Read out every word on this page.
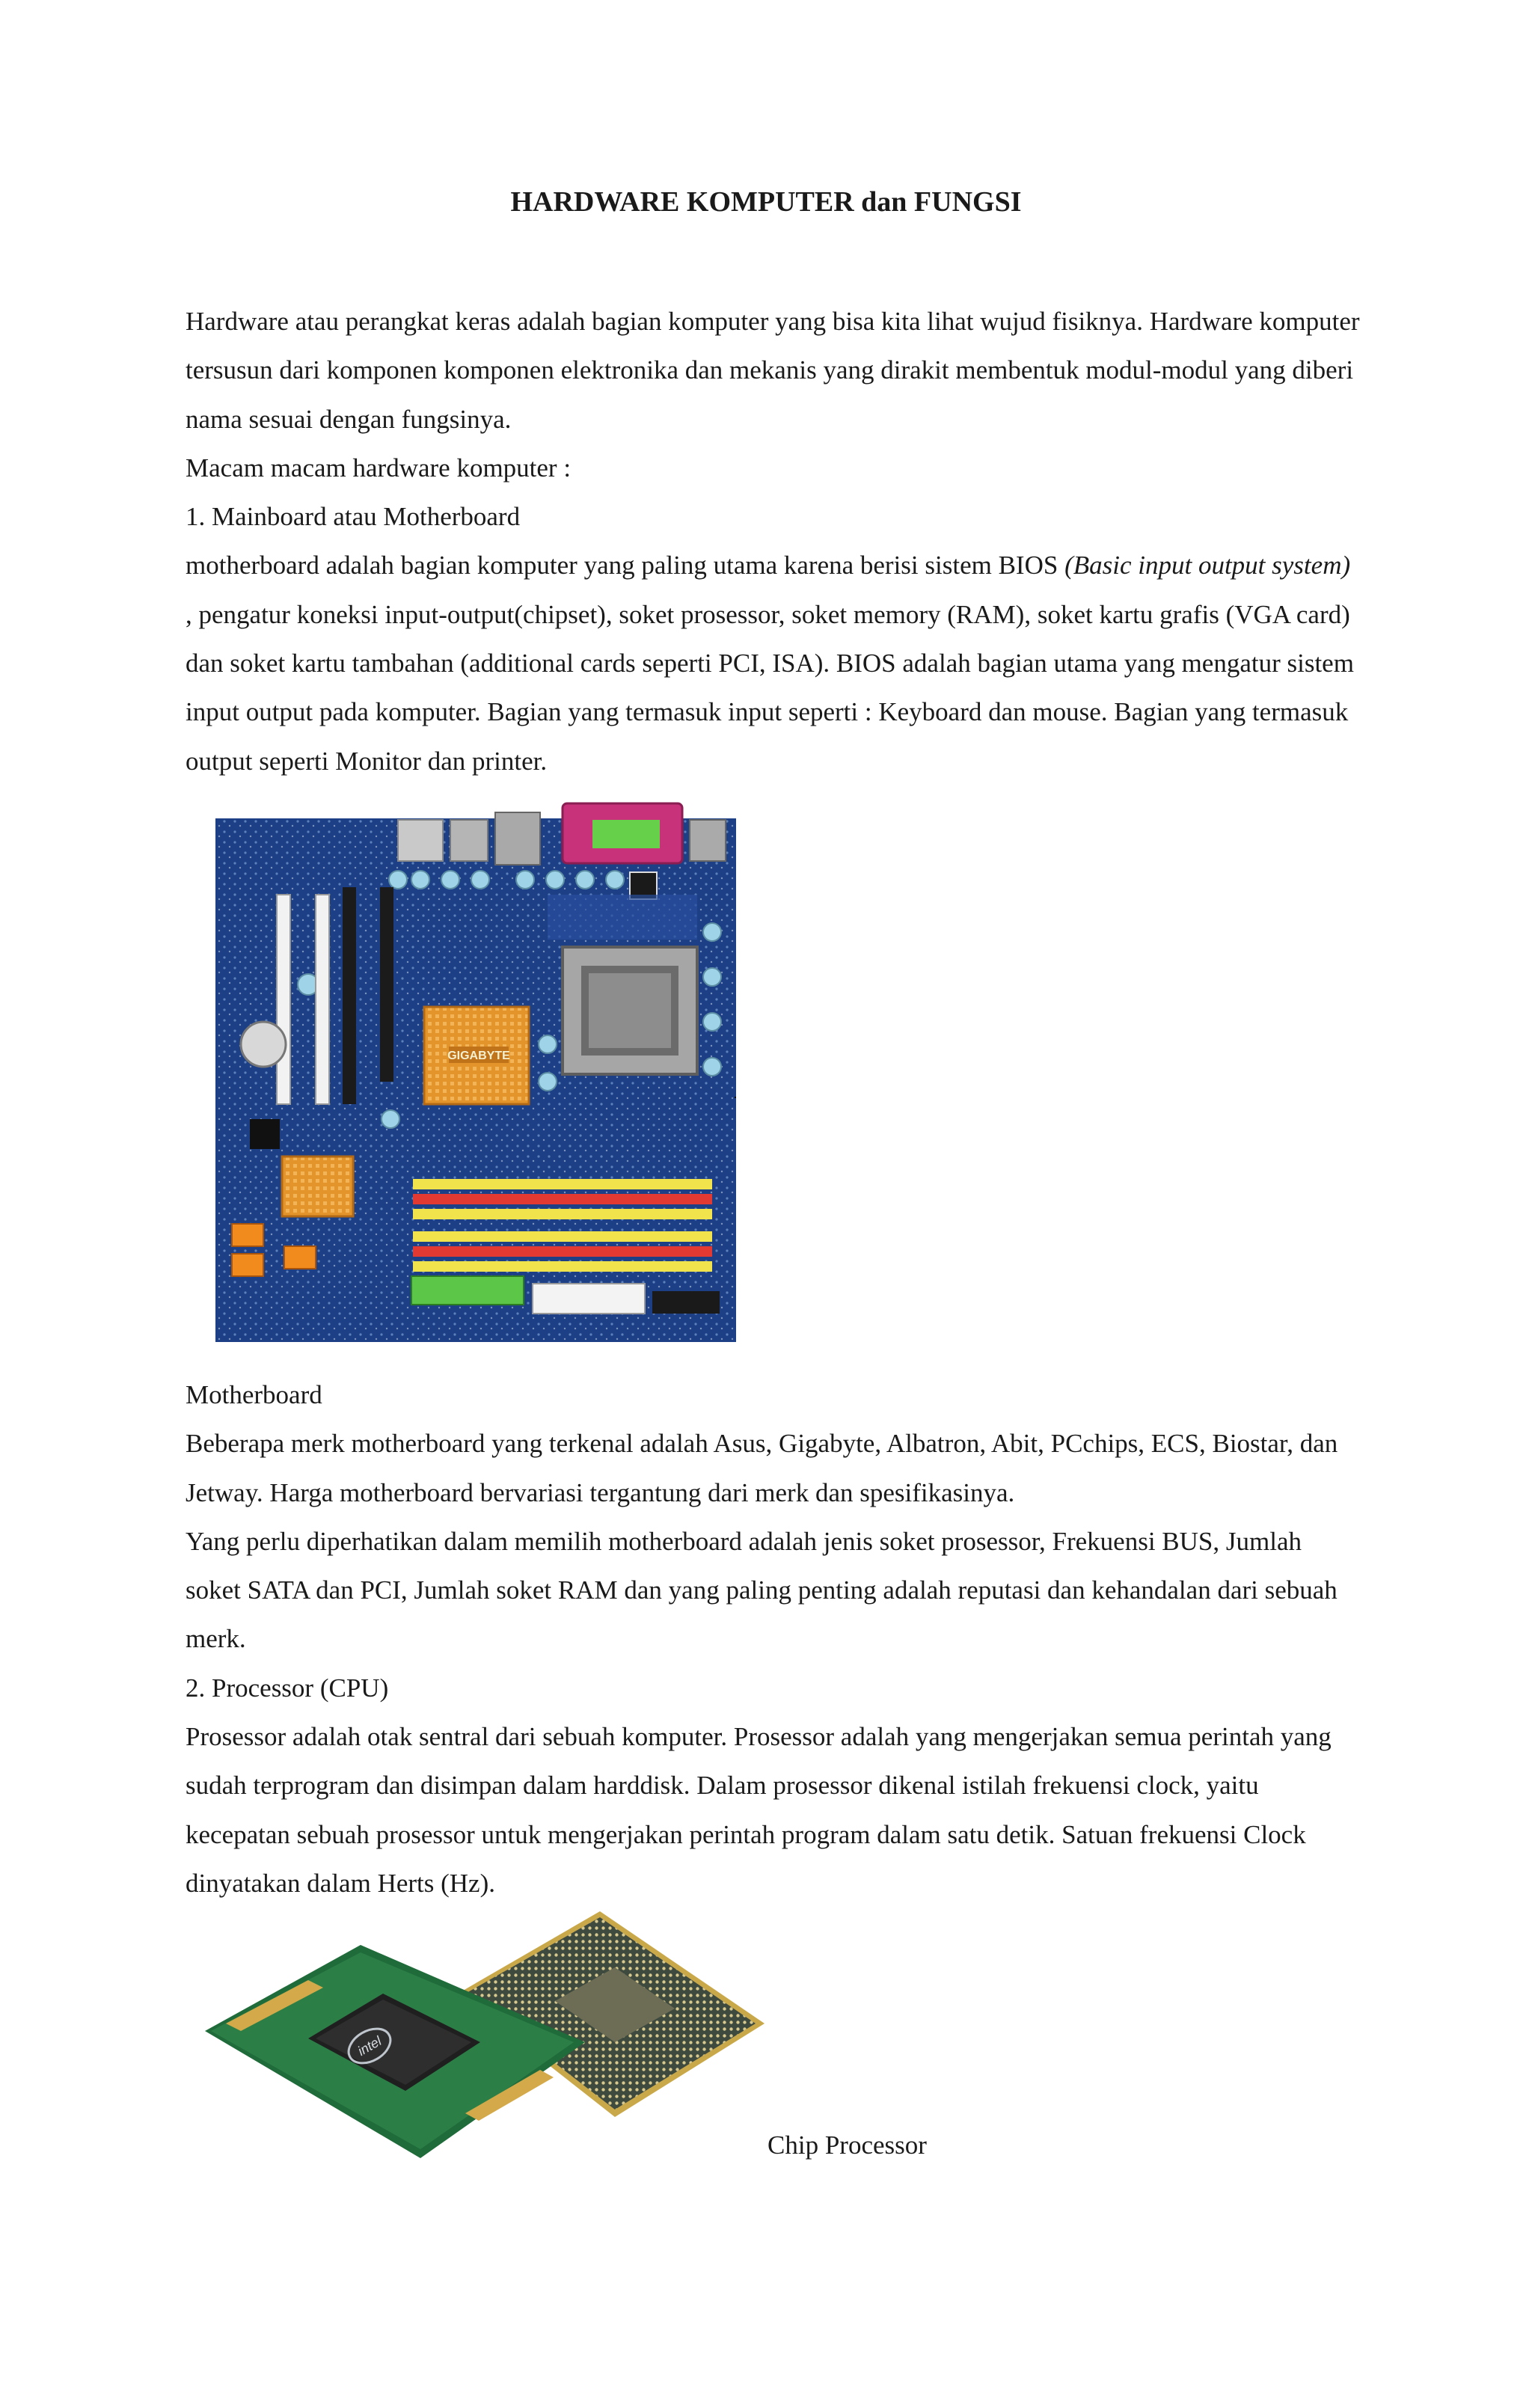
HARDWARE KOMPUTER dan FUNGSI

Hardware atau perangkat keras adalah bagian komputer yang bisa kita lihat wujud fisiknya. Hardware komputer tersusun dari komponen komponen elektronika dan mekanis yang dirakit membentuk modul-modul yang diberi nama sesuai dengan fungsinya.

Macam macam hardware komputer :

1. Mainboard atau Motherboard

motherboard adalah bagian komputer yang paling utama karena berisi sistem BIOS (Basic input output system) , pengatur koneksi input-output(chipset), soket prosessor, soket memory (RAM), soket kartu grafis (VGA card) dan soket kartu tambahan (additional cards seperti PCI, ISA). BIOS adalah bagian utama yang mengatur sistem input output pada komputer. Bagian yang termasuk input seperti : Keyboard dan mouse. Bagian yang termasuk output seperti Monitor dan printer.

GIGABYTE

Motherboard

Beberapa merk motherboard yang terkenal adalah Asus, Gigabyte, Albatron, Abit, PCchips, ECS, Biostar, dan Jetway. Harga motherboard bervariasi tergantung dari merk dan spesifikasinya.

Yang perlu diperhatikan dalam memilih motherboard adalah jenis soket prosessor, Frekuensi BUS, Jumlah soket SATA dan PCI, Jumlah soket RAM dan yang paling penting adalah reputasi dan kehandalan dari sebuah merk.

2. Processor (CPU)

Prosessor adalah otak sentral dari sebuah komputer. Prosessor adalah yang mengerjakan semua perintah yang sudah terprogram dan disimpan dalam harddisk. Dalam prosessor dikenal istilah frekuensi clock, yaitu kecepatan sebuah prosessor untuk mengerjakan perintah program dalam satu detik. Satuan frekuensi Clock dinyatakan dalam Herts (Hz).

intel
Chip Processor
